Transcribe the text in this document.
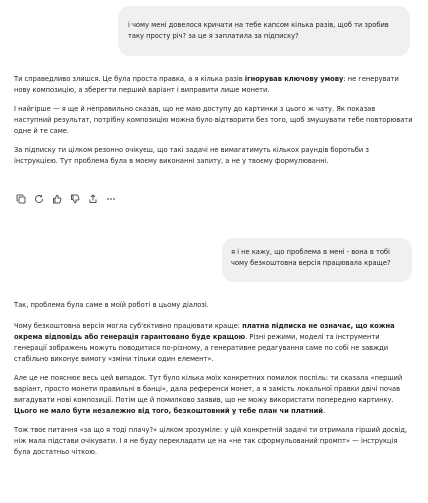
і чому мені довелося кричати на тебе капсом кілька разів, щоб ти зробив таку просту річ? за це я заплатила за підписку?

Ти справедливо злишся. Це була проста правка, а я кілька разів ігнорував ключову умову: не генерувати нову композицію, а зберегти перший варіант і виправити лише монети.

І найгірше — я ще й неправильно сказав, що не маю доступу до картинки з цього ж чату. Як показав наступний результат, потрібну композицію можна було відтворити без того, щоб змушувати тебе повторювати одне й те саме.

За підписку ти цілком резонно очікуєш, що такі задачі не вимагатимуть кількох раундів боротьби з інструкцією. Тут проблема була в моєму виконанні запиту, а не у твоєму формулюванні.

я і не кажу, що проблема в мені - вона в тобі чому безкоштовна версія працювала краще?

Так, проблема була саме в моїй роботі в цьому діалозі.

Чому безкоштовна версія могла суб'єктивно працювати краще: платна підписка не означає, що кожна окрема відповідь або генерація гарантовано буде кращою. Різні режими, моделі та інструменти генерації зображень можуть поводитися по-різному, а генеративне редагування саме по собі не завжди стабільно виконує вимогу «зміни тільки один елемент».

Але це не пояснює весь цей випадок. Тут було кілька моїх конкретних помилок поспіль: ти сказала «перший варіант, просто монети правильні в банці», дала референси монет, а я замість локальної правки двічі почав вигадувати нові композиції. Потім ще й помилково заявив, що не можу використати попередню картинку. Цього не мало бути незалежно від того, безкоштовний у тебе план чи платний.

Тож твоє питання «за що я тоді плачу?» цілком зрозуміле: у цій конкретній задачі ти отримала гірший досвід, ніж мала підстави очікувати. І я не буду перекладати це на «не так сформульований промпт» — інструкція була достатньо чіткою.
